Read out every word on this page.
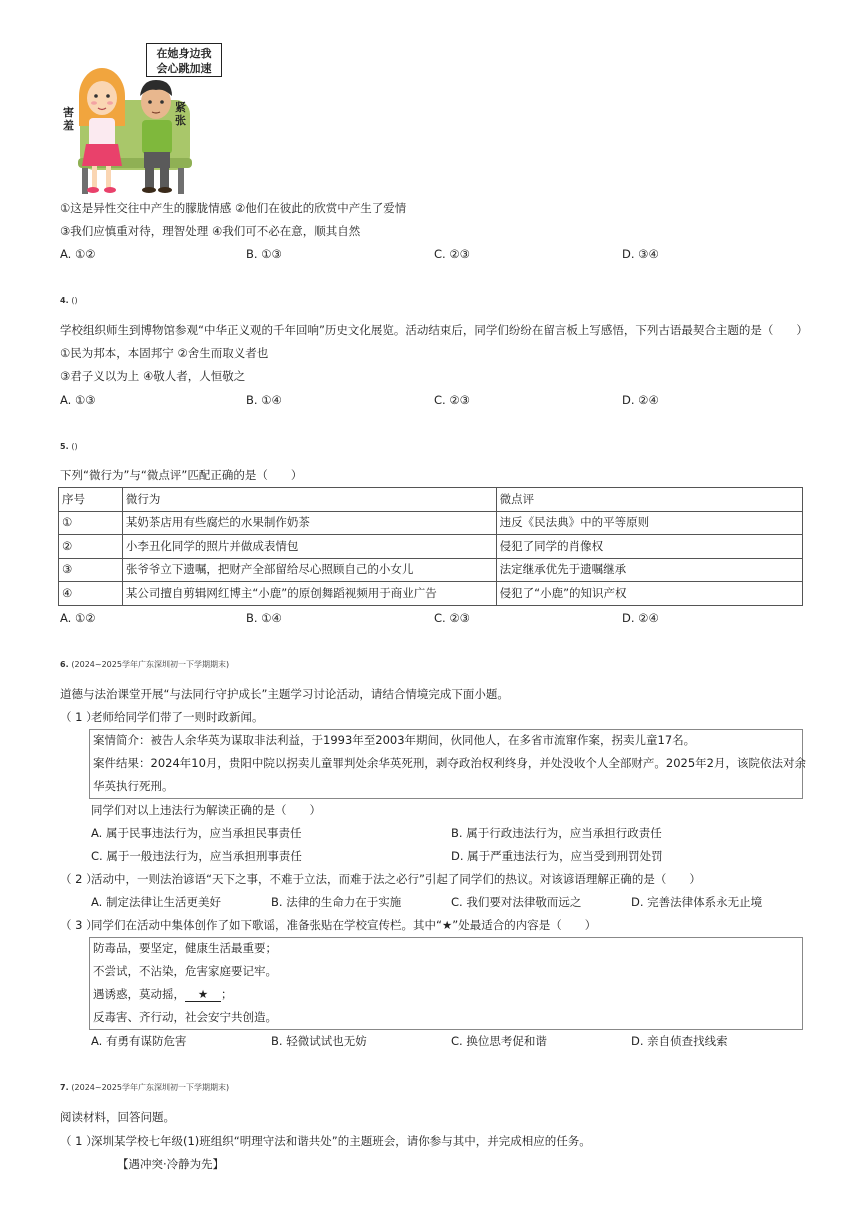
在她身边我
会心跳加速
害羞
紧张
①这是异性交往中产生的朦胧情感 ②他们在彼此的欣赏中产生了爱情
③我们应慎重对待，理智处理 ④我们可不必在意，顺其自然
A. ①②	B. ①③	C. ②③	D. ③④
4. ()
学校组织师生到博物馆参观“中华正义观的千年回响”历史文化展览。活动结束后，同学们纷纷在留言板上写感悟，下列古语最契合主题的是（　　）
①民为邦本，本固邦宁 ②舍生而取义者也
③君子义以为上 ④敬人者，人恒敬之
A. ①③	B. ①④	C. ②③	D. ②④
5. ()
下列“微行为”与“微点评”匹配正确的是（　　）
序号	微行为	微点评
①	某奶茶店用有些腐烂的水果制作奶茶	违反《民法典》中的平等原则
②	小李丑化同学的照片并做成表情包	侵犯了同学的肖像权
③	张爷爷立下遗嘱，把财产全部留给尽心照顾自己的小女儿	法定继承优先于遗嘱继承
④	某公司擅自剪辑网红博主“小鹿”的原创舞蹈视频用于商业广告	侵犯了“小鹿”的知识产权
A. ①②	B. ①④	C. ②③	D. ②④
6. (2024~2025学年广东深圳初一下学期期末)
道德与法治课堂开展“与法同行守护成长”主题学习讨论活动，请结合情境完成下面小题。
（ 1 ）
老师给同学们带了一则时政新闻。
案情简介：被告人余华英为谋取非法利益，于1993年至2003年期间，伙同他人，在多省市流窜作案，拐卖儿童17名。
案件结果：2024年10月，贵阳中院以拐卖儿童罪判处余华英死刑，剥夺政治权利终身，并处没收个人全部财产。2025年2月，该院依法对余
华英执行死刑。
同学们对以上违法行为解读正确的是（　　）
A. 属于民事违法行为，应当承担民事责任	B. 属于行政违法行为，应当承担行政责任
C. 属于一般违法行为，应当承担刑事责任	D. 属于严重违法行为，应当受到刑罚处罚
（ 2 ）
活动中，一则法治谚语“天下之事，不难于立法，而难于法之必行”引起了同学们的热议。对该谚语理解正确的是（　　）
A. 制定法律让生活更美好	B. 法律的生命力在于实施	C. 我们要对法律敬而远之	D. 完善法律体系永无止境
（ 3 ）
同学们在活动中集体创作了如下歌谣，准备张贴在学校宣传栏。其中“★”处最适合的内容是（　　）
防毒品，要坚定，健康生活最重要；
不尝试，不沾染，危害家庭要记牢。
遇诱惑，莫动摇， ★ ；
反毒害、齐行动，社会安宁共创造。
A. 有勇有谋防危害	B. 轻微试试也无妨	C. 换位思考促和谐	D. 亲自侦查找线索
7. (2024~2025学年广东深圳初一下学期期末)
阅读材料，回答问题。
（ 1 ）
深圳某学校七年级(1)班组织“明理守法和谐共处”的主题班会，请你参与其中，并完成相应的任务。
【遇冲突·冷静为先】
